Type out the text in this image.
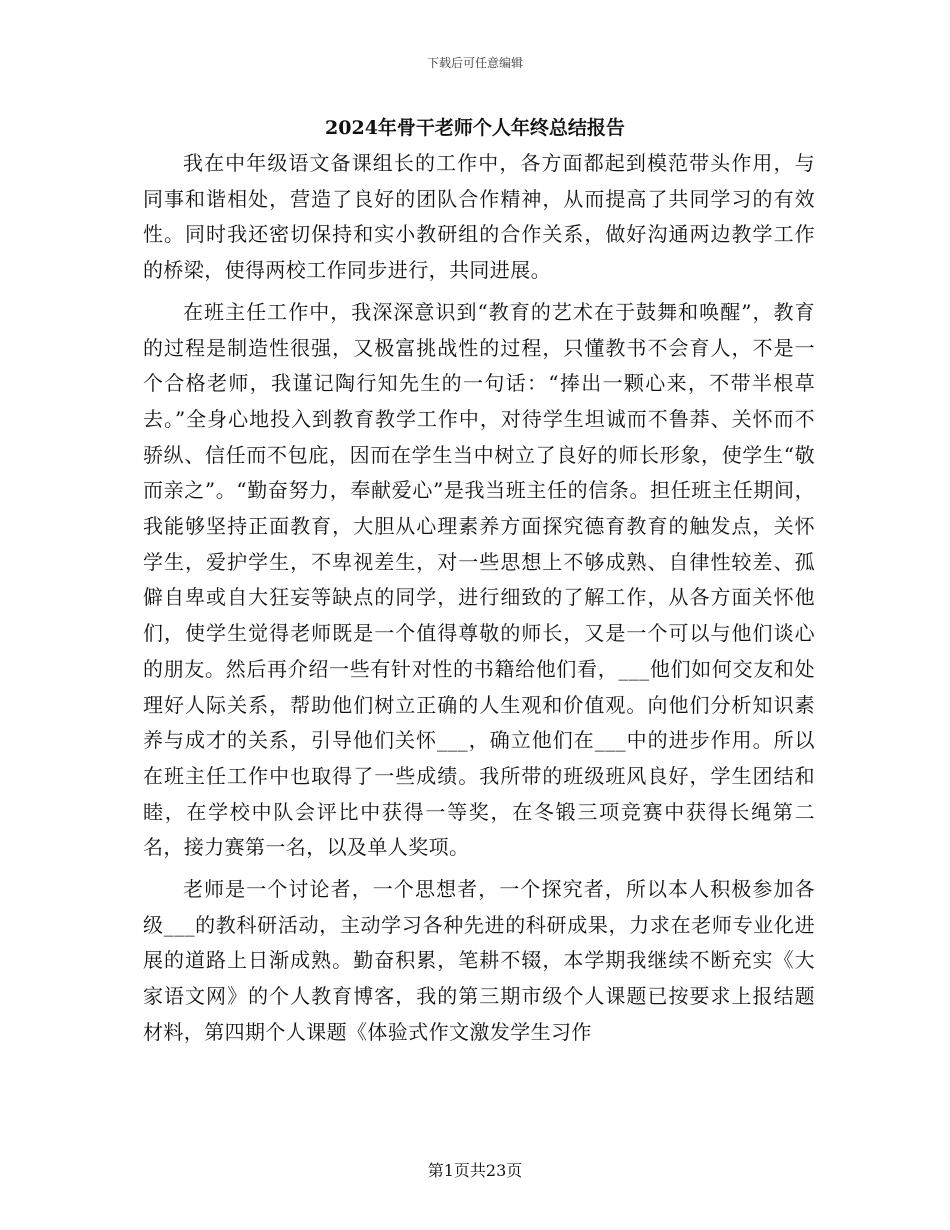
下载后可任意编辑
2024年骨干老师个人年终总结报告

我在中年级语文备课组长的工作中，各方面都起到模范带头作用，与同事和谐相处，营造了良好的团队合作精神，从而提高了共同学习的有效性。同时我还密切保持和实小教研组的合作关系，做好沟通两边教学工作的桥梁，使得两校工作同步进行，共同进展。

在班主任工作中，我深深意识到“教育的艺术在于鼓舞和唤醒”，教育的过程是制造性很强，又极富挑战性的过程，只懂教书不会育人，不是一个合格老师，我谨记陶行知先生的一句话：“捧出一颗心来，不带半根草去。”全身心地投入到教育教学工作中，对待学生坦诚而不鲁莽、关怀而不骄纵、信任而不包庇，因而在学生当中树立了良好的师长形象，使学生“敬而亲之”。“勤奋努力，奉献爱心”是我当班主任的信条。担任班主任期间，我能够坚持正面教育，大胆从心理素养方面探究德育教育的触发点，关怀学生，爱护学生，不卑视差生，对一些思想上不够成熟、自律性较差、孤僻自卑或自大狂妄等缺点的同学，进行细致的了解工作，从各方面关怀他们，使学生觉得老师既是一个值得尊敬的师长，又是一个可以与他们谈心的朋友。然后再介绍一些有针对性的书籍给他们看，___他们如何交友和处理好人际关系，帮助他们树立正确的人生观和价值观。向他们分析知识素养与成才的关系，引导他们关怀___，确立他们在___中的进步作用。所以在班主任工作中也取得了一些成绩。我所带的班级班风良好，学生团结和睦，在学校中队会评比中获得一等奖，在冬锻三项竞赛中获得长绳第二名，接力赛第一名，以及单人奖项。

老师是一个讨论者，一个思想者，一个探究者，所以本人积极参加各级___的教科研活动，主动学习各种先进的科研成果，力求在老师专业化进展的道路上日渐成熟。勤奋积累，笔耕不辍，本学期我继续不断充实《大家语文网》的个人教育博客，我的第三期市级个人课题已按要求上报结题材料，第四期个人课题《体验式作文激发学生习作

第1页共23页
